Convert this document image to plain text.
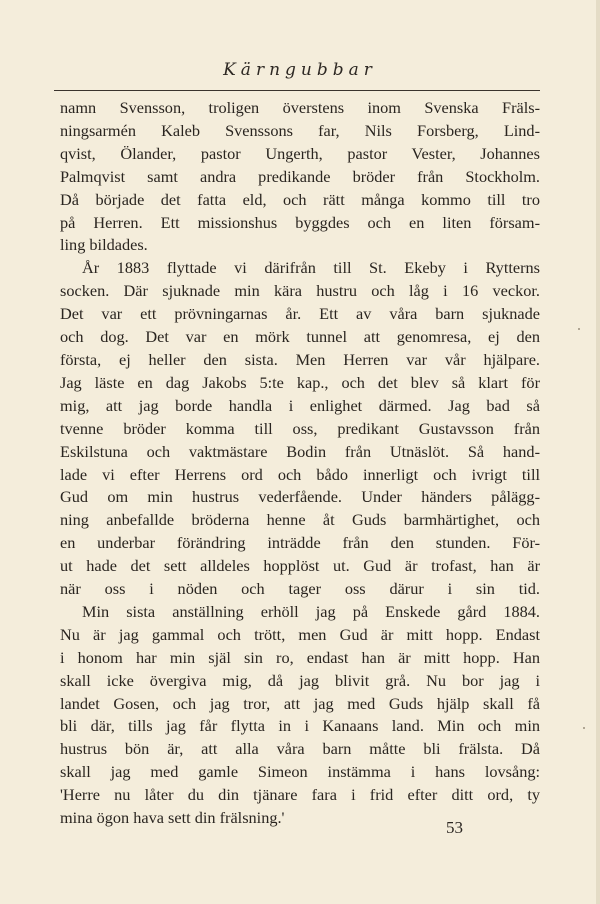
Kärngubbar

namn Svensson, troligen överstens inom Svenska Fräls-
ningsarmén Kaleb Svenssons far, Nils Forsberg, Lind-
qvist, Ölander, pastor Ungerth, pastor Vester, Johannes
Palmqvist samt andra predikande bröder från Stockholm.
Då började det fatta eld, och rätt många kommo till tro
på Herren. Ett missionshus byggdes och en liten försam-
ling bildades.

År 1883 flyttade vi därifrån till St. Ekeby i Rytterns
socken. Där sjuknade min kära hustru och låg i 16 veckor.
Det var ett prövningarnas år. Ett av våra barn sjuknade
och dog. Det var en mörk tunnel att genomresa, ej den
första, ej heller den sista. Men Herren var vår hjälpare.
Jag läste en dag Jakobs 5:te kap., och det blev så klart för
mig, att jag borde handla i enlighet därmed. Jag bad så
tvenne bröder komma till oss, predikant Gustavsson från
Eskilstuna och vaktmästare Bodin från Utnäslöt. Så hand-
lade vi efter Herrens ord och bådo innerligt och ivrigt till
Gud om min hustrus vederfående. Under händers pålägg-
ning anbefallde bröderna henne åt Guds barmhärtighet, och
en underbar förändring inträdde från den stunden. För-
ut hade det sett alldeles hopplöst ut. Gud är trofast, han är
när oss i nöden och tager oss därur i sin tid.

Min sista anställning erhöll jag på Enskede gård 1884.
Nu är jag gammal och trött, men Gud är mitt hopp. Endast
i honom har min själ sin ro, endast han är mitt hopp. Han
skall icke övergiva mig, då jag blivit grå. Nu bor jag i
landet Gosen, och jag tror, att jag med Guds hjälp skall få
bli där, tills jag får flytta in i Kanaans land. Min och min
hustrus bön är, att alla våra barn måtte bli frälsta. Då
skall jag med gamle Simeon instämma i hans lovsång:
'Herre nu låter du din tjänare fara i frid efter ditt ord, ty
mina ögon hava sett din frälsning.'

53
